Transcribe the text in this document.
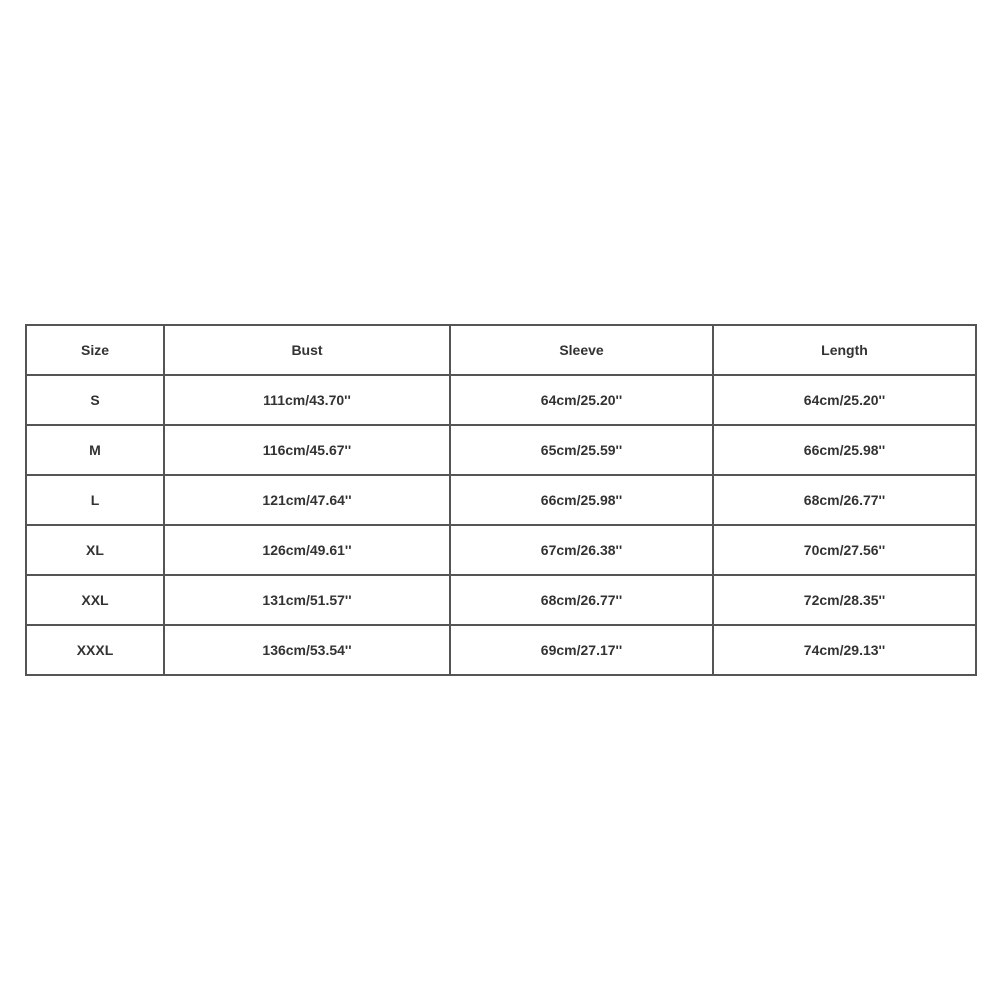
Size	Bust	Sleeve	Length
S	111cm/43.70''	64cm/25.20''	64cm/25.20''
M	116cm/45.67''	65cm/25.59''	66cm/25.98''
L	121cm/47.64''	66cm/25.98''	68cm/26.77''
XL	126cm/49.61''	67cm/26.38''	70cm/27.56''
XXL	131cm/51.57''	68cm/26.77''	72cm/28.35''
XXXL	136cm/53.54''	69cm/27.17''	74cm/29.13''
